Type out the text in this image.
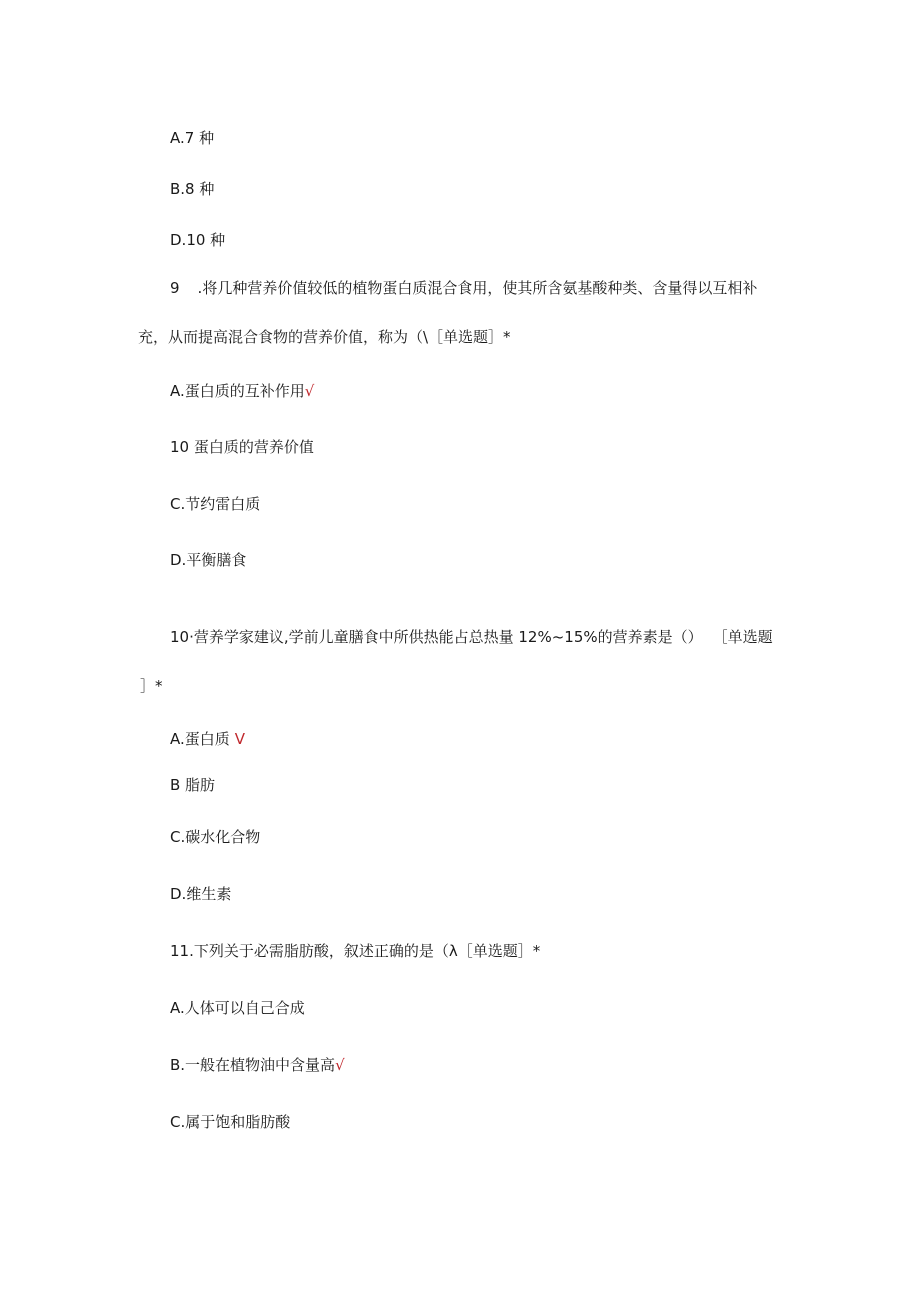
A.7 种
B.8 种
D.10 种
9 .将几种营养价值较低的植物蛋白质混合食用，使其所含氨基酸种类、含量得以互相补
充，从而提高混合食物的营养价值，称为（\［单选题］*
A.蛋白质的互补作用√
10 蛋白质的营养价值
C.节约雷白质
D.平衡膳食
10·营养学家建议,学前儿童膳食中所供热能占总热量 12%~15%的营养素是（） ［单选题
］*
A.蛋白质 V
B 脂肪
C.碳水化合物
D.维生素
11.下列关于必需脂肪酸，叙述正确的是（λ［单选题］*
A.人体可以自己合成
B.一般在植物油中含量高√
C.属于饱和脂肪酸
